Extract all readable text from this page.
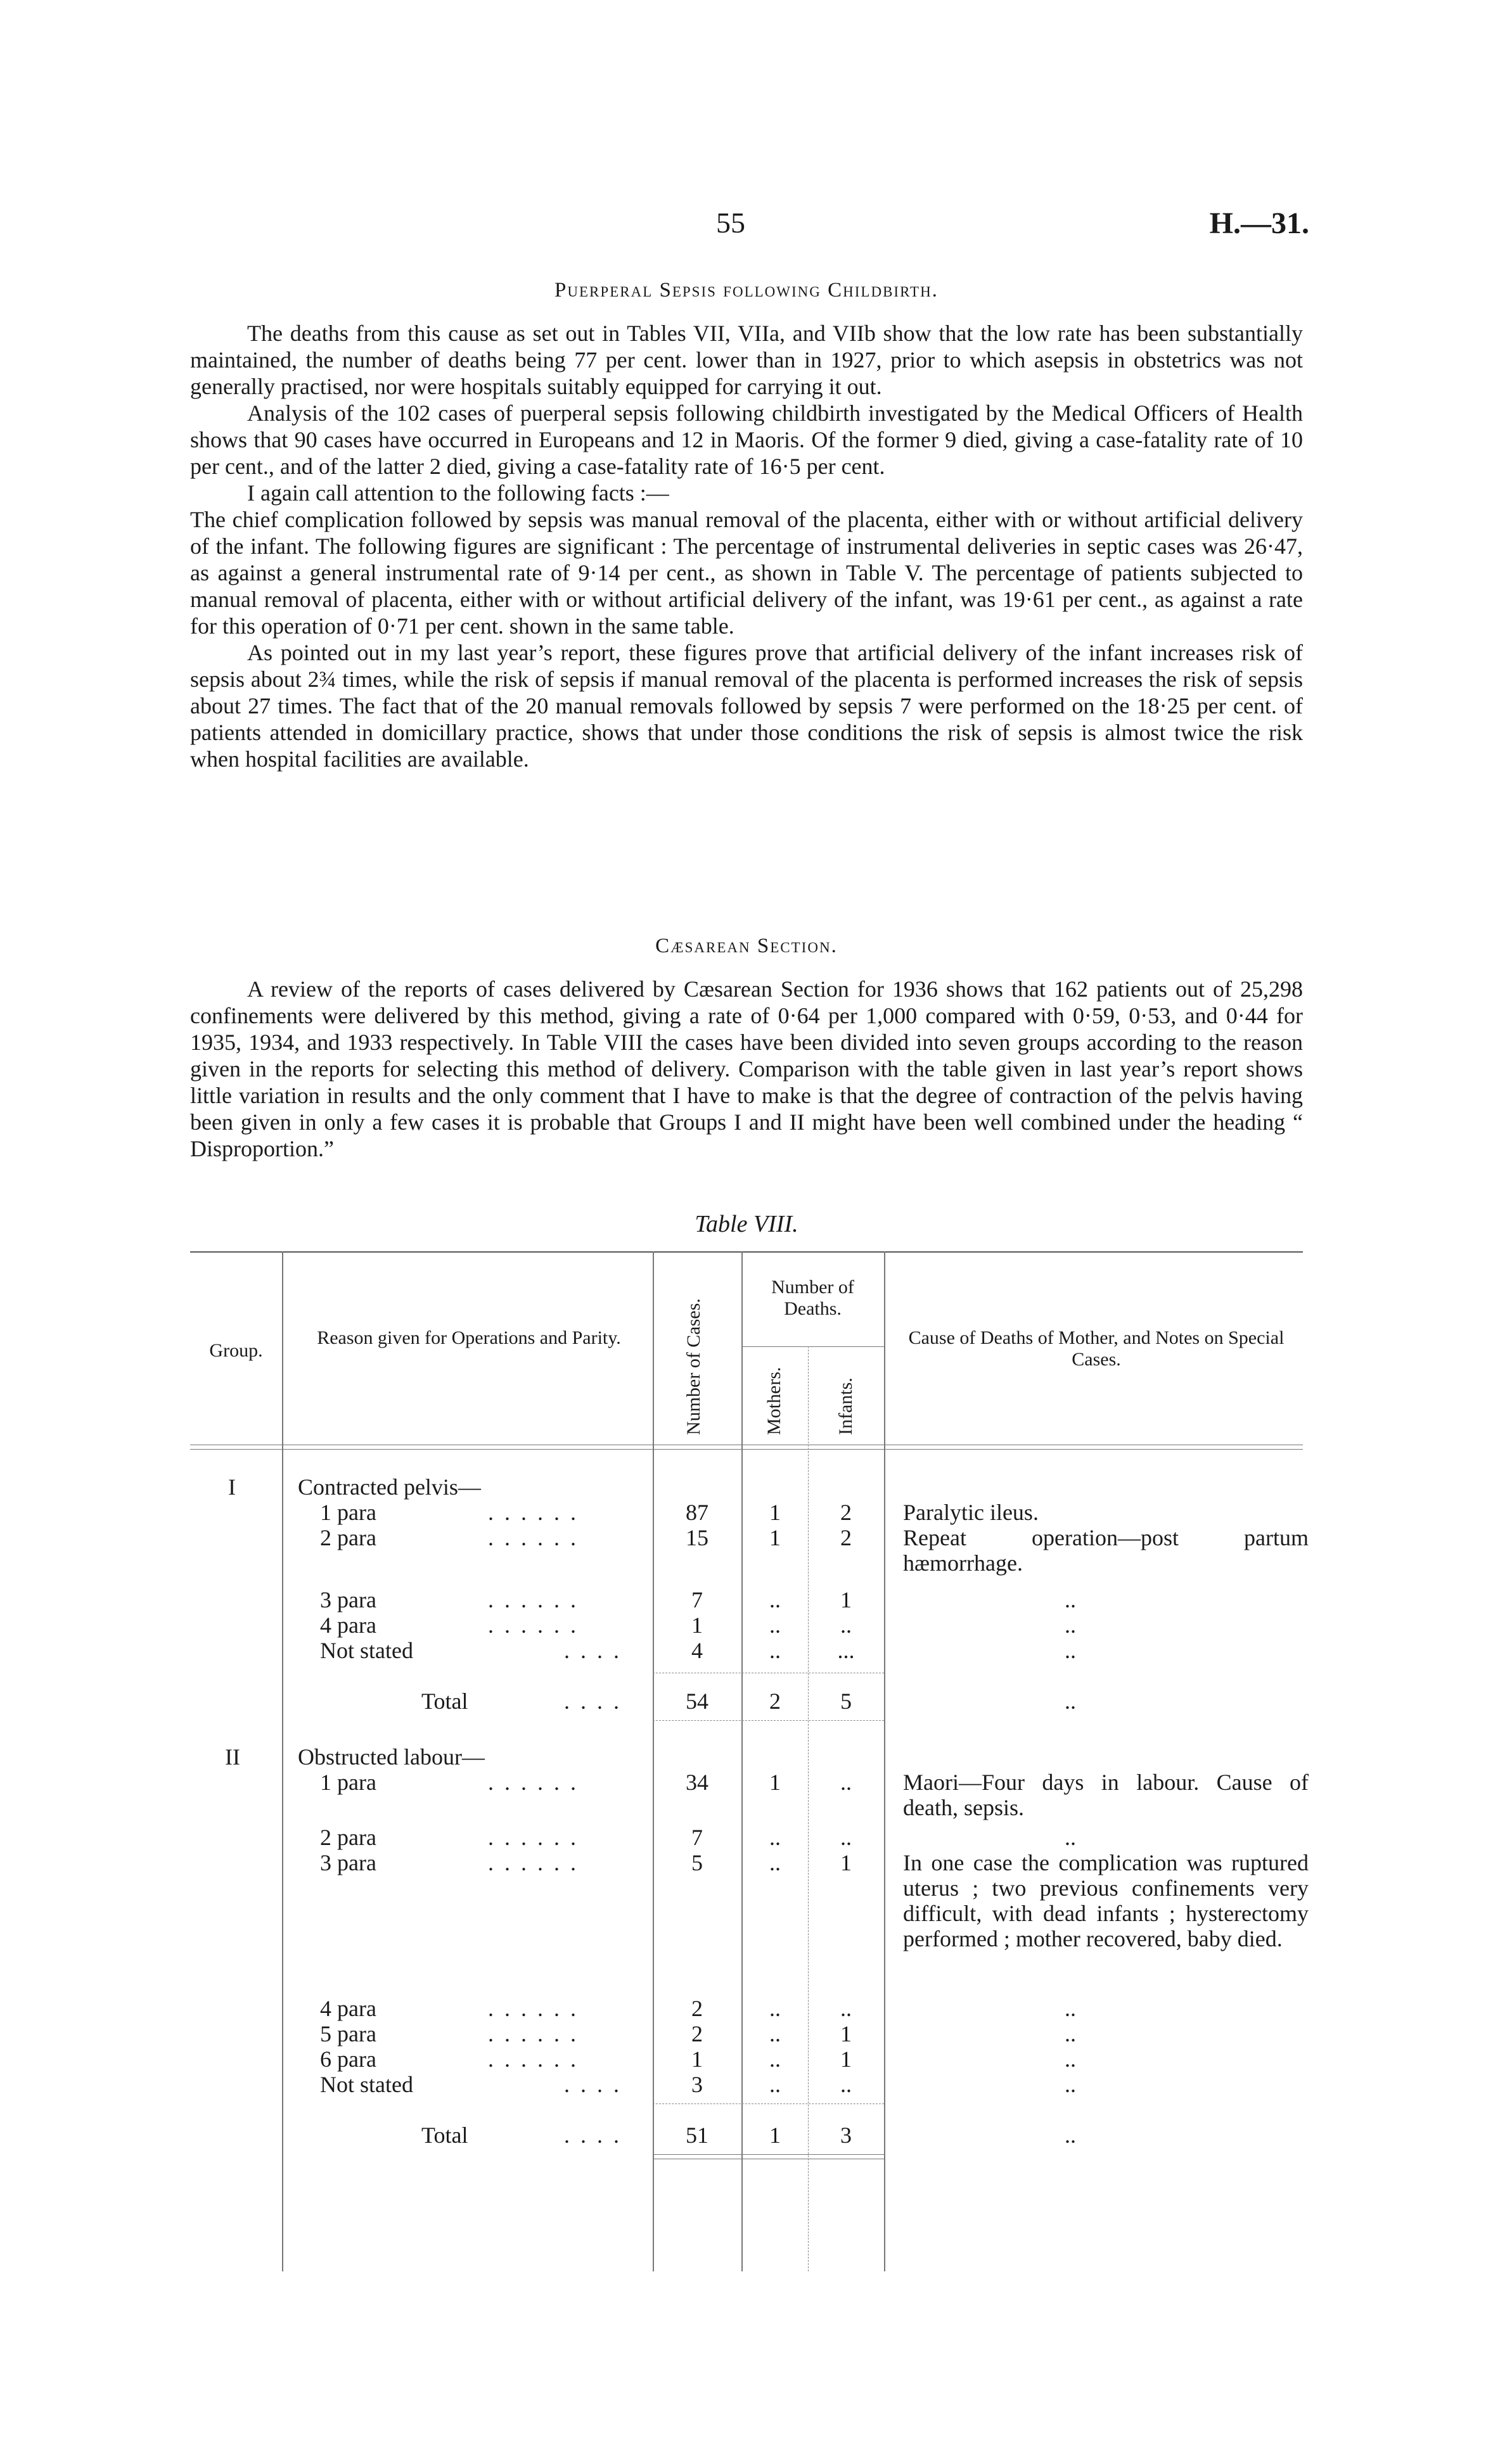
55	H.—31.
Puerperal Sepsis following Childbirth.

The deaths from this cause as set out in Tables VII, VIIa, and VIIb show that the low rate has been substantially maintained, the number of deaths being 77 per cent. lower than in 1927, prior to which asepsis in obstetrics was not generally practised, nor were hospitals suitably equipped for carrying it out.

Analysis of the 102 cases of puerperal sepsis following childbirth investigated by the Medical Officers of Health shows that 90 cases have occurred in Europeans and 12 in Maoris. Of the former 9 died, giving a case-fatality rate of 10 per cent., and of the latter 2 died, giving a case-fatality rate of 16·5 per cent.

I again call attention to the following facts :—

The chief complication followed by sepsis was manual removal of the placenta, either with or without artificial delivery of the infant. The following figures are significant : The percentage of instrumental deliveries in septic cases was 26·47, as against a general instrumental rate of 9·14 per cent., as shown in Table V. The percentage of patients subjected to manual removal of placenta, either with or without artificial delivery of the infant, was 19·61 per cent., as against a rate for this operation of 0·71 per cent. shown in the same table.

As pointed out in my last year’s report, these figures prove that artificial delivery of the infant increases risk of sepsis about 2¾ times, while the risk of sepsis if manual removal of the placenta is performed increases the risk of sepsis about 27 times. The fact that of the 20 manual removals followed by sepsis 7 were performed on the 18·25 per cent. of patients attended in domicillary practice, shows that under those conditions the risk of sepsis is almost twice the risk when hospital facilities are available.

Cæsarean Section.

A review of the reports of cases delivered by Cæsarean Section for 1936 shows that 162 patients out of 25,298 confinements were delivered by this method, giving a rate of 0·64 per 1,000 compared with 0·59, 0·53, and 0·44 for 1935, 1934, and 1933 respectively. In Table VIII the cases have been divided into seven groups according to the reason given in the reports for selecting this method of delivery. Comparison with the table given in last year’s report shows little variation in results and the only comment that I have to make is that the degree of contraction of the pelvis having been given in only a few cases it is probable that Groups I and II might have been well combined under the heading “ Disproportion.”

Table VIII.
Group.
Reason given for Operations and Parity.	Number of Cases.
Number of Deaths.
Mothers.	Infants.
Cause of Deaths of Mother, and Notes on Special Cases.
I	Contracted pelvis—
1 para	. . . . . .	87	1	2	Paralytic ileus.
2 para	. . . . . .	15	1	2	Repeat operation—post partum hæmorrhage.
3 para	. . . . . .	7	..	1	..
4 para	. . . . . .	1	..	..	..
Not stated	. . . .	4	..	...	..
Total	. . . .	54	2	5	..
II	Obstructed labour—
1 para	. . . . . .	34	1	..	Maori—Four days in labour. Cause of death, sepsis.
2 para	. . . . . .	7	..	..	..
3 para	. . . . . .	5	..	1	In one case the complication was ruptured uterus ; two previous confinements very difficult, with dead infants ; hysterectomy performed ; mother recovered, baby died.
4 para	. . . . . .	2	..	..	..
5 para	. . . . . .	2	..	1	..
6 para	. . . . . .	1	..	1	..
Not stated	. . . .	3	..	..	..
Total	. . . .	51	1	3	..
